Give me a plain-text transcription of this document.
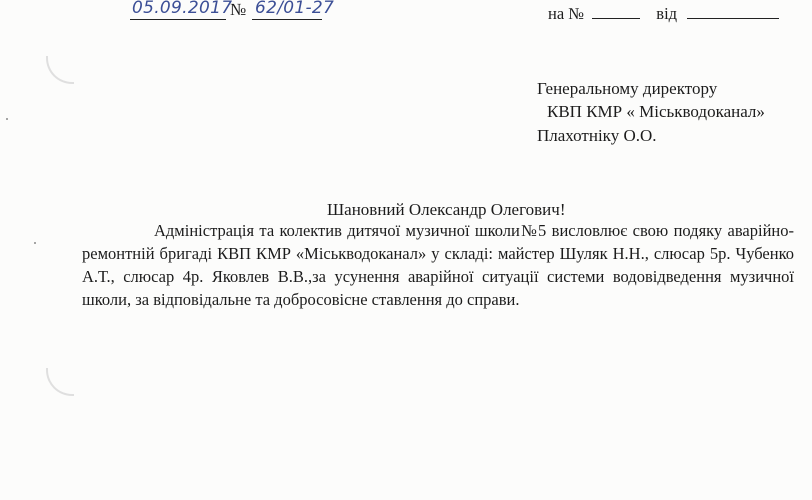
05.09.2017
№ 62/01-27	на №	від
Генеральному директору
КВП КМР « Міськводоканал»
Плахотніку О.О.
Шановний Олександр Олегович!

Адміністрація та колектив дитячої музичної школи№5 висловлює свою подяку аварійно-ремонтній бригаді КВП КМР «Міськводоканал» у складі: майстер Шуляк Н.Н., слюсар 5р. Чубенко А.Т., слюсар 4р. Яковлев В.В.,за усунення аварійної ситуації системи водовідведення музичної школи, за відповідальне та добросовісне ставлення до справи.
